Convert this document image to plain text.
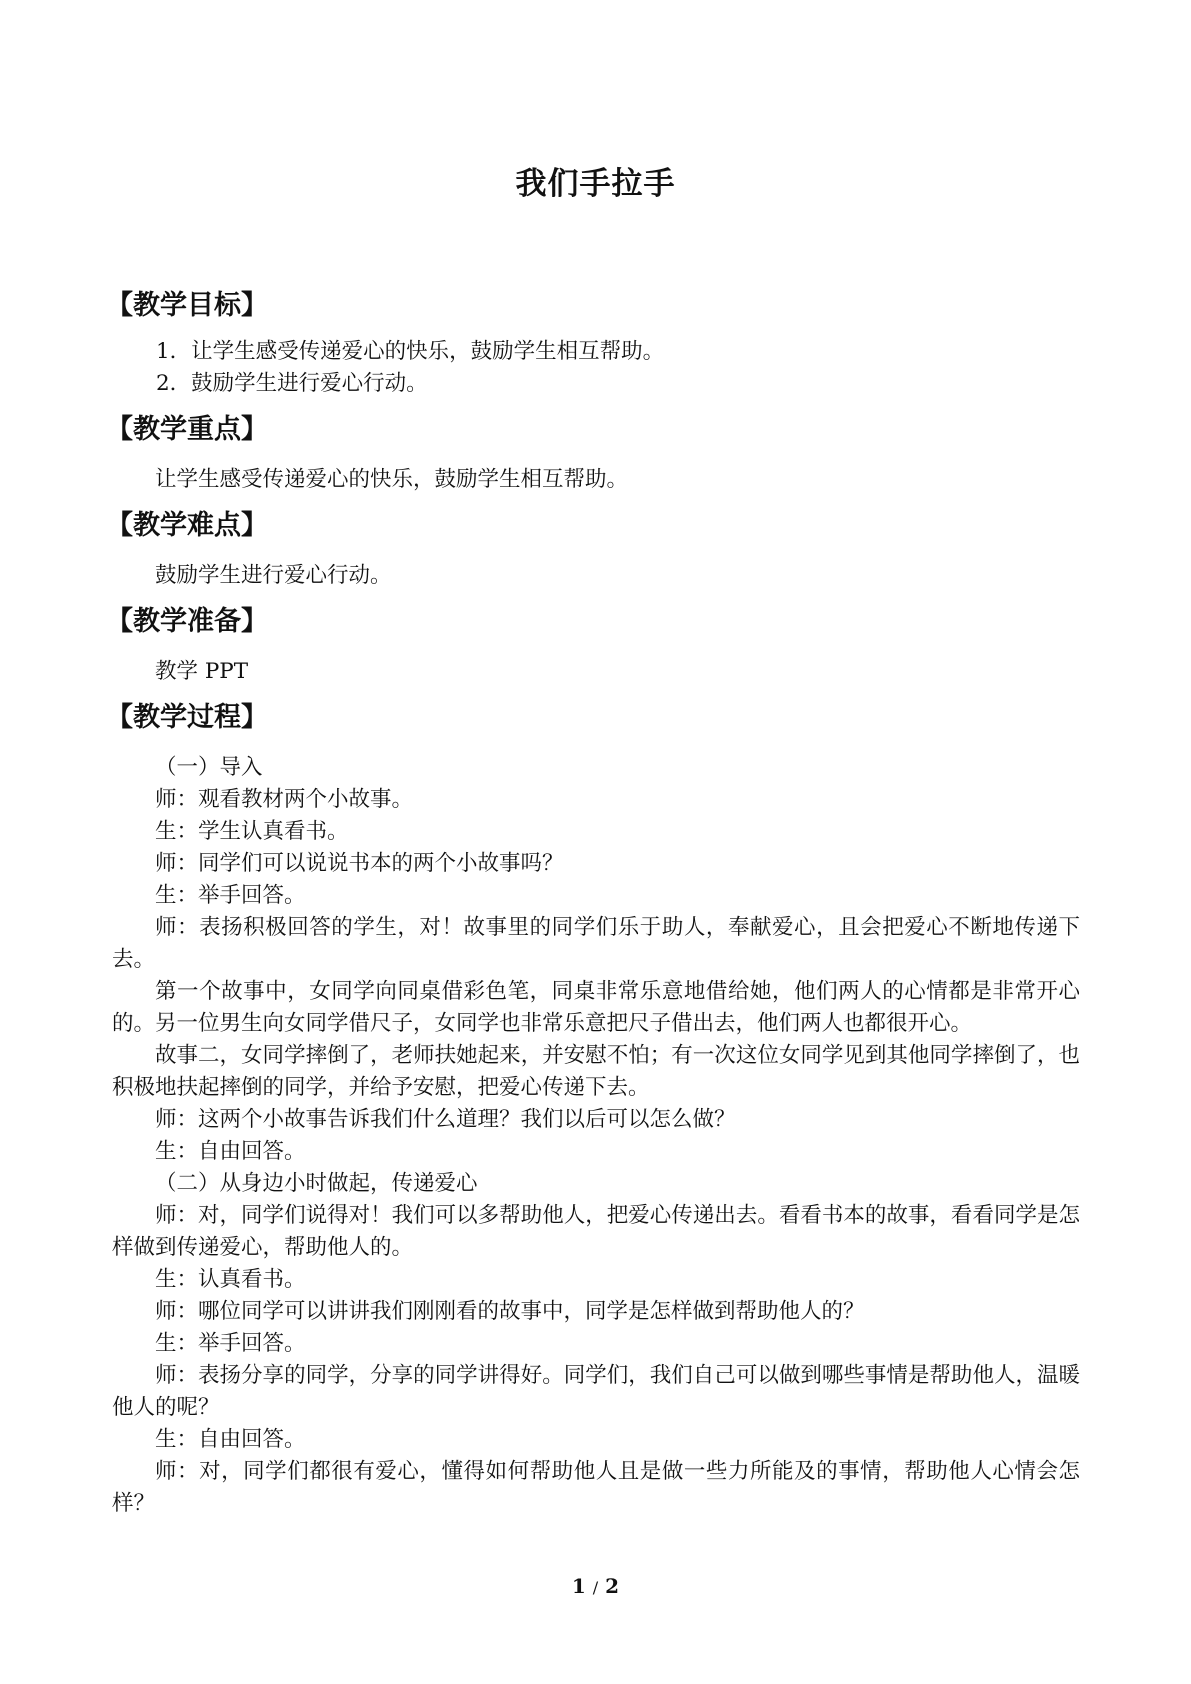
我们手拉手
【教学目标】

1．让学生感受传递爱心的快乐，鼓励学生相互帮助。

2．鼓励学生进行爱心行动。

【教学重点】

让学生感受传递爱心的快乐，鼓励学生相互帮助。

【教学难点】

鼓励学生进行爱心行动。

【教学准备】

教学 PPT

【教学过程】

（一）导入

师：观看教材两个小故事。

生：学生认真看书。

师：同学们可以说说书本的两个小故事吗？

生：举手回答。

师：表扬积极回答的学生，对！故事里的同学们乐于助人，奉献爱心，且会把爱心不断地传递下去。

第一个故事中，女同学向同桌借彩色笔，同桌非常乐意地借给她，他们两人的心情都是非常开心的。另一位男生向女同学借尺子，女同学也非常乐意把尺子借出去，他们两人也都很开心。

故事二，女同学摔倒了，老师扶她起来，并安慰不怕；有一次这位女同学见到其他同学摔倒了，也积极地扶起摔倒的同学，并给予安慰，把爱心传递下去。

师：这两个小故事告诉我们什么道理？我们以后可以怎么做？

生：自由回答。

（二）从身边小时做起，传递爱心

师：对，同学们说得对！我们可以多帮助他人，把爱心传递出去。看看书本的故事，看看同学是怎样做到传递爱心，帮助他人的。

生：认真看书。

师：哪位同学可以讲讲我们刚刚看的故事中，同学是怎样做到帮助他人的？

生：举手回答。

师：表扬分享的同学，分享的同学讲得好。同学们，我们自己可以做到哪些事情是帮助他人，温暖他人的呢？

生：自由回答。

师：对，同学们都很有爱心，懂得如何帮助他人且是做一些力所能及的事情，帮助他人心情会怎样？

1 / 2
